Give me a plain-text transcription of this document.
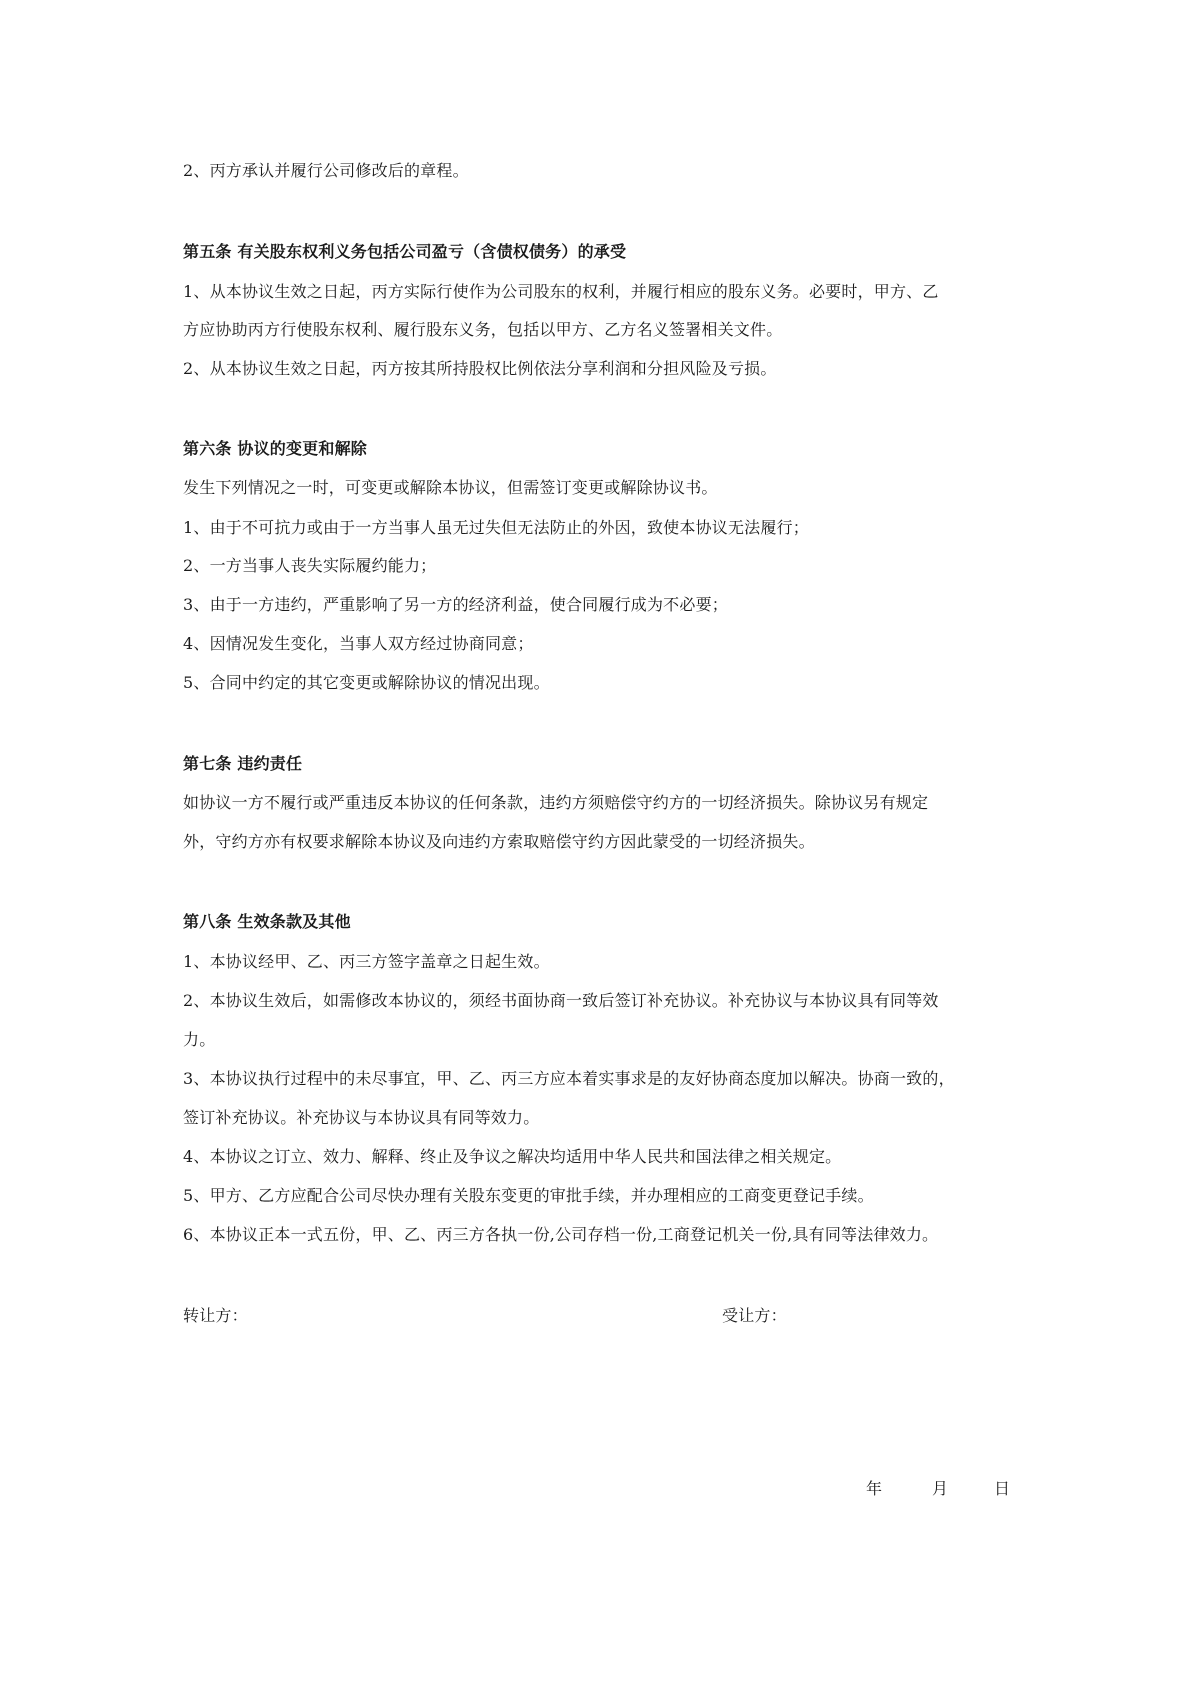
2、丙方承认并履行公司修改后的章程。
第五条 有关股东权利义务包括公司盈亏（含债权债务）的承受
1、从本协议生效之日起，丙方实际行使作为公司股东的权利，并履行相应的股东义务。必要时，甲方、乙
方应协助丙方行使股东权利、履行股东义务，包括以甲方、乙方名义签署相关文件。
2、从本协议生效之日起，丙方按其所持股权比例依法分享利润和分担风险及亏损。
第六条 协议的变更和解除
发生下列情况之一时，可变更或解除本协议，但需签订变更或解除协议书。
1、由于不可抗力或由于一方当事人虽无过失但无法防止的外因，致使本协议无法履行；
2、一方当事人丧失实际履约能力；
3、由于一方违约，严重影响了另一方的经济利益，使合同履行成为不必要；
4、因情况发生变化，当事人双方经过协商同意；
5、合同中约定的其它变更或解除协议的情况出现。
第七条 违约责任
如协议一方不履行或严重违反本协议的任何条款，违约方须赔偿守约方的一切经济损失。除协议另有规定
外，守约方亦有权要求解除本协议及向违约方索取赔偿守约方因此蒙受的一切经济损失。
第八条 生效条款及其他
1、本协议经甲、乙、丙三方签字盖章之日起生效。
2、本协议生效后，如需修改本协议的，须经书面协商一致后签订补充协议。补充协议与本协议具有同等效
力。
3、本协议执行过程中的未尽事宜，甲、乙、丙三方应本着实事求是的友好协商态度加以解决。协商一致的，
签订补充协议。补充协议与本协议具有同等效力。
4、本协议之订立、效力、解释、终止及争议之解决均适用中华人民共和国法律之相关规定。
5、甲方、乙方应配合公司尽快办理有关股东变更的审批手续，并办理相应的工商变更登记手续。
6、本协议正本一式五份，甲、乙、丙三方各执一份,公司存档一份,工商登记机关一份,具有同等法律效力。
转让方：	受让方：
年	月	日
